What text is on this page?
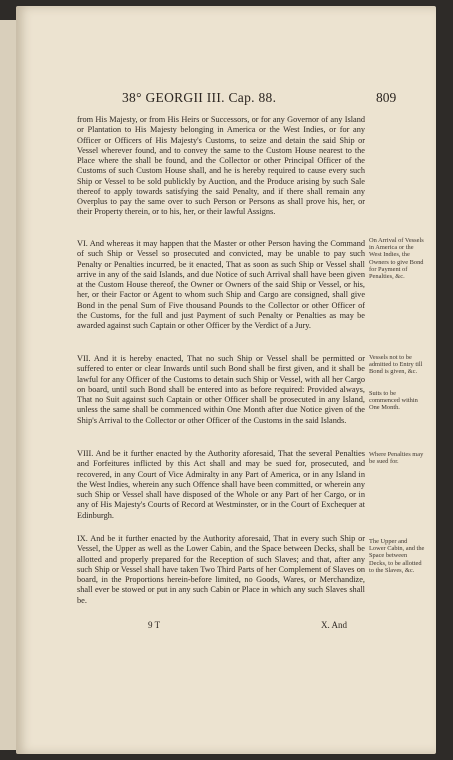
38° GEORGII III. Cap. 88.	809

from His Majesty, or from His Heirs or Successors, or for any Governor of any Island or Plantation to His Majesty belonging in America or the West Indies, or for any Officer or Officers of His Majesty's Customs, to seize and detain the said Ship or Vessel wherever found, and to convey the same to the Custom House nearest to the Place where the shall be found, and the Collector or other Principal Officer of the Customs of such Custom House shall, and he is hereby required to cause every such Ship or Vessel to be sold publickly by Auction, and the Produce arising by such Sale thereof to apply towards satisfying the said Penalty, and if there shall remain any Overplus to pay the same over to such Person or Persons as shall prove his, her, or their Property therein, or to his, her, or their lawful Assigns.

VI. And whereas it may happen that the Master or other Person having the Command of such Ship or Vessel so prosecuted and convicted, may be unable to pay such Penalty or Penalties incurred, be it enacted, That as soon as such Ship or Vessel shall arrive in any of the said Islands, and due Notice of such Arrival shall have been given at the Custom House thereof, the Owner or Owners of the said Ship or Vessel, or his, her, or their Factor or Agent to whom such Ship and Cargo are consigned, shall give Bond in the penal Sum of Five thousand Pounds to the Collector or other Officer of the Customs, for the full and just Payment of such Penalty or Penalties as may be awarded against such Captain or other Officer by the Verdict of a Jury.

VII. And it is hereby enacted, That no such Ship or Vessel shall be permitted or suffered to enter or clear Inwards until such Bond shall be first given, and it shall be lawful for any Officer of the Customs to detain such Ship or Vessel, with all her Cargo on board, until such Bond shall be entered into as before required: Provided always, That no Suit against such Captain or other Officer shall be prosecuted in any Island, unless the same shall be commenced within One Month after due Notice given of the Ship's Arrival to the Collector or other Officer of the Customs in the said Islands.

VIII. And be it further enacted by the Authority aforesaid, That the several Penalties and Forfeitures inflicted by this Act shall and may be sued for, prosecuted, and recovered, in any Court of Vice Admiralty in any Part of America, or in any Island in the West Indies, wherein any such Offence shall have been committed, or wherein any such Ship or Vessel shall have disposed of the Whole or any Part of her Cargo, or in any of His Majesty's Courts of Record at Westminster, or in the Court of Exchequer at Edinburgh.

IX. And be it further enacted by the Authority aforesaid, That in every such Ship or Vessel, the Upper as well as the Lower Cabin, and the Space between Decks, shall be allotted and properly prepared for the Reception of such Slaves; and that, after any such Ship or Vessel shall have taken Two Third Parts of her Complement of Slaves on board, in the Proportions herein-before limited, no Goods, Wares, or Merchandize, shall ever be stowed or put in any such Cabin or Place in which any such Slaves shall be.

On Arrival of Vessels in America or the West Indies, the Owners to give Bond for Payment of Penalties, &c.
Vessels not to be admitted to Entry till Bond is given, &c.
Suits to be commenced within One Month.
Where Penalties may be sued for.
The Upper and Lower Cabin, and the Space between Decks, to be allotted to the Slaves, &c.
9 T	X. And
